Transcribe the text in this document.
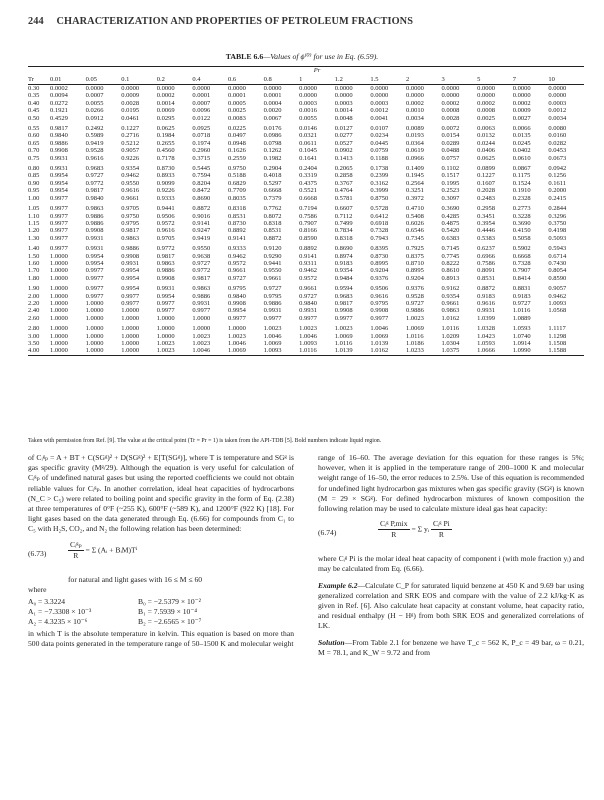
244 CHARACTERIZATION AND PROPERTIES OF PETROLEUM FRACTIONS
TABLE 6.6—Values of ϕ⁽⁰⁾ for use in Eq. (6.59).
	Pr														
Tr	0.01	0.05	0.1	0.2	0.4	0.6	0.8	1	1.2	1.5	2	3	5	7	10
0.30	0.0002	0.0000	0.0000	0.0000	0.0000	0.0000	0.0000	0.0000	0.0000	0.0000	0.0000	0.0000	0.0000	0.0000	0.0000
0.35	0.0094	0.0007	0.0009	0.0002	0.0001	0.0001	0.0001	0.0000	0.0000	0.0000	0.0000	0.0000	0.0000	0.0000	0.0000
0.40	0.0272	0.0055	0.0028	0.0014	0.0007	0.0005	0.0004	0.0003	0.0003	0.0003	0.0002	0.0002	0.0002	0.0002	0.0003
0.45	0.1921	0.0266	0.0195	0.0069	0.0096	0.0025	0.0020	0.0016	0.0014	0.0012	0.0010	0.0008	0.0008	0.0009	0.0012
0.50	0.4529	0.0912	0.0461	0.0295	0.0122	0.0083	0.0067	0.0055	0.0048	0.0041	0.0034	0.0028	0.0025	0.0027	0.0034
0.55	0.9817	0.2492	0.1227	0.0625	0.0925	0.0225	0.0176	0.0146	0.0127	0.0107	0.0089	0.0072	0.0063	0.0066	0.0080
0.60	0.9840	0.5989	0.2716	0.1984	0.0718	0.0497	0.0986	0.0321	0.0277	0.0234	0.0193	0.0154	0.0132	0.0135	0.0160
0.65	0.9886	0.9419	0.5212	0.2655	0.1974	0.0948	0.0798	0.0611	0.0527	0.0445	0.0364	0.0289	0.0244	0.0245	0.0282
0.70	0.9908	0.9528	0.9057	0.4560	0.2960	0.1626	0.1262	0.1045	0.0902	0.0759	0.0619	0.0488	0.0406	0.0402	0.0453
0.75	0.9931	0.9616	0.9226	0.7178	0.3715	0.2559	0.1982	0.1641	0.1413	0.1188	0.0966	0.0757	0.0625	0.0610	0.0673
0.80	0.9931	0.9683	0.9354	0.8730	0.5445	0.9750	0.2904	0.2404	0.2065	0.1738	0.1409	0.1102	0.0899	0.0867	0.0942
0.85	0.9954	0.9727	0.9462	0.8933	0.7594	0.5188	0.4018	0.3319	0.2858	0.2399	0.1945	0.1517	0.1227	0.1175	0.1256
0.90	0.9954	0.9772	0.9550	0.9099	0.8204	0.6829	0.5297	0.4375	0.3767	0.3162	0.2564	0.1995	0.1607	0.1524	0.1611
0.95	0.9954	0.9817	0.9616	0.9226	0.8472	0.7709	0.6668	0.5521	0.4764	0.3999	0.3251	0.2523	0.2028	0.1910	0.2000
1.00	0.9977	0.9840	0.9661	0.9333	0.8690	0.8035	0.7379	0.6668	0.5781	0.8750	0.3972	0.3097	0.2483	0.2328	0.2415
1.05	0.9977	0.9863	0.9705	0.9441	0.8872	0.8318	0.7762	0.7194	0.6607	0.5728	0.4710	0.3690	0.2958	0.2773	0.2844
1.10	0.9977	0.9886	0.9750	0.9506	0.9016	0.8531	0.8072	0.7586	0.7112	0.6412	0.5408	0.4285	0.3451	0.3228	0.3296
1.15	0.9977	0.9886	0.9795	0.9572	0.9141	0.8730	0.8318	0.7907	0.7499	0.6918	0.6026	0.4875	0.3954	0.3690	0.3750
1.20	0.9977	0.9908	0.9817	0.9616	0.9247	0.8892	0.8531	0.8166	0.7834	0.7328	0.6546	0.5420	0.4446	0.4150	0.4198
1.30	0.9977	0.9931	0.9863	0.9705	0.9419	0.9141	0.8872	0.8590	0.8318	0.7943	0.7345	0.6383	0.5383	0.5058	0.5093
1.40	0.9977	0.9931	0.9886	0.9772	0.9550	0.9333	0.9120	0.8892	0.8690	0.8395	0.7925	0.7145	0.6237	0.5902	0.5943
1.50	1.0000	0.9954	0.9908	0.9817	0.9638	0.9462	0.9290	0.9141	0.8974	0.8730	0.8375	0.7745	0.6966	0.6668	0.6714
1.60	1.0000	0.9954	0.9931	0.9863	0.9727	0.9572	0.9441	0.9311	0.9183	0.8995	0.8710	0.8222	0.7586	0.7328	0.7430
1.70	1.0000	0.9977	0.9954	0.9886	0.9772	0.9661	0.9550	0.9462	0.9354	0.9204	0.8995	0.8610	0.8091	0.7907	0.8054
1.80	1.0000	0.9977	0.9954	0.9908	0.9817	0.9727	0.9661	0.9572	0.9484	0.9376	0.9204	0.8913	0.8531	0.8414	0.8590
1.90	1.0000	0.9977	0.9954	0.9931	0.9863	0.9795	0.9727	0.9661	0.9594	0.9506	0.9376	0.9162	0.8872	0.8831	0.9057
2.00	1.0000	0.9977	0.9977	0.9954	0.9886	0.9840	0.9795	0.9727	0.9683	0.9616	0.9528	0.9354	0.9183	0.9183	0.9462
2.20	1.0000	1.0000	0.9977	0.9977	0.9931	0.9908	0.9886	0.9840	0.9817	0.9795	0.9727	0.9661	0.9616	0.9727	1.0093
2.40	1.0000	1.0000	1.0000	0.9977	0.9977	0.9954	0.9931	0.9931	0.9908	0.9908	0.9886	0.9863	0.9931	1.0116	1.0568
2.60	1.0000	1.0000	1.0000	1.0000	1.0000	0.9977	0.9977	0.9977	0.9977	0.9977	1.0023	1.0162	1.0399	1.0889	
2.80	1.0000	1.0000	1.0000	1.0000	1.0000	1.0000	1.0023	1.0023	1.0023	1.0046	1.0069	1.0116	1.0328	1.0593	1.1117
3.00	1.0000	1.0000	1.0000	1.0000	1.0023	1.0023	1.0046	1.0046	1.0069	1.0069	1.0116	1.0209	1.0423	1.0740	1.1298
3.50	1.0000	1.0000	1.0000	1.0023	1.0023	1.0046	1.0069	1.0093	1.0116	1.0139	1.0186	1.0304	1.0593	1.0914	1.1508
4.00	1.0000	1.0000	1.0000	1.0023	1.0046	1.0069	1.0093	1.0116	1.0139	1.0162	1.0233	1.0375	1.0666	1.0990	1.1588
Taken with permission from Ref. [9]. The value at the critical point (Tr = Pr = 1) is taken from the API-TDB [5]. Bold numbers indicate liquid region.

of Cᵢᵍₚ = A + BT + C(SGᵍ)² + D(SGᵍ)² + E[T(SGᵍ)], where T is temperature and SGᵍ is gas specific gravity (Mᵍ/29). Although the equation is very useful for calculation of Cᵢᵍₚ of undefined natural gases but using the reported coefficients we could not obtain reliable values for Cᵢᵍₚ. In another correlation, ideal heat capacities of hydrocarbons (N_C > C₅) were related to boiling point and specific gravity in the form of Eq. (2.38) at three temperatures of 0°F (~255 K), 600°F (~589 K), and 1200°F (922 K) [18]. For light gases based on the data generated through Eq. (6.66) for compounds from C₁ to C₅ with H₂S, CO₂, and N₂ the following relation has been determined:

(6.73)	$\frac{\text{Cᵢᵍₚ}}{R} = \Sigma$ (Aᵢ + BᵢM)Tⁱ

for natural and light gases with 16 ≤ M ≤ 60

where

A₀ = 3.3224	B₀ = −2.5379 × 10⁻²
A₁ = −7.3308 × 10⁻³	B₁ = 7.5939 × 10⁻⁴
A₂ = 4.3235 × 10⁻⁶	B₂ = −2.6565 × 10⁻⁷

in which T is the absolute temperature in kelvin. This equation is based on more than 500 data points generated in the temperature range of 50–1500 K and molecular weight

range of 16–60. The average deviation for this equation for these ranges is 5%; however, when it is applied in the temperature range of 200–1000 K and molecular weight range of 16–50, the error reduces to 2.5%. Use of this equation is recommended for undefined light hydrocarbon gas mixtures when gas specific gravity (SGᵍ) is known (M = 29 × SGᵍ). For defined hydrocarbon mixtures of known composition the following relation may be used to calculate mixture ideal gas heat capacity:

(6.74)	$\frac{\text{Cᵢᵍ P,mix}}{R} = \Sigma$ yᵢ $\frac{\text{Cᵢᵍ Pi}}{R}$

where Cᵢᵍ Pi is the molar ideal heat capacity of component i (with mole fraction yᵢ) and may be calculated from Eq. (6.66).

Example 6.2—Calculate C_P for saturated liquid benzene at 450 K and 9.69 bar using generalized correlation and SRK EOS and compare with the value of 2.2 kJ/kg·K as given in Ref. [6]. Also calculate heat capacity at constant volume, heat capacity ratio, and residual enthalpy (H − Hᵍ) from both SRK EOS and generalized correlations of LK.

Solution—From Table 2.1 for benzene we have T_c = 562 K, P_c = 49 bar, ω = 0.21, M = 78.1, and K_W = 9.72 and from
